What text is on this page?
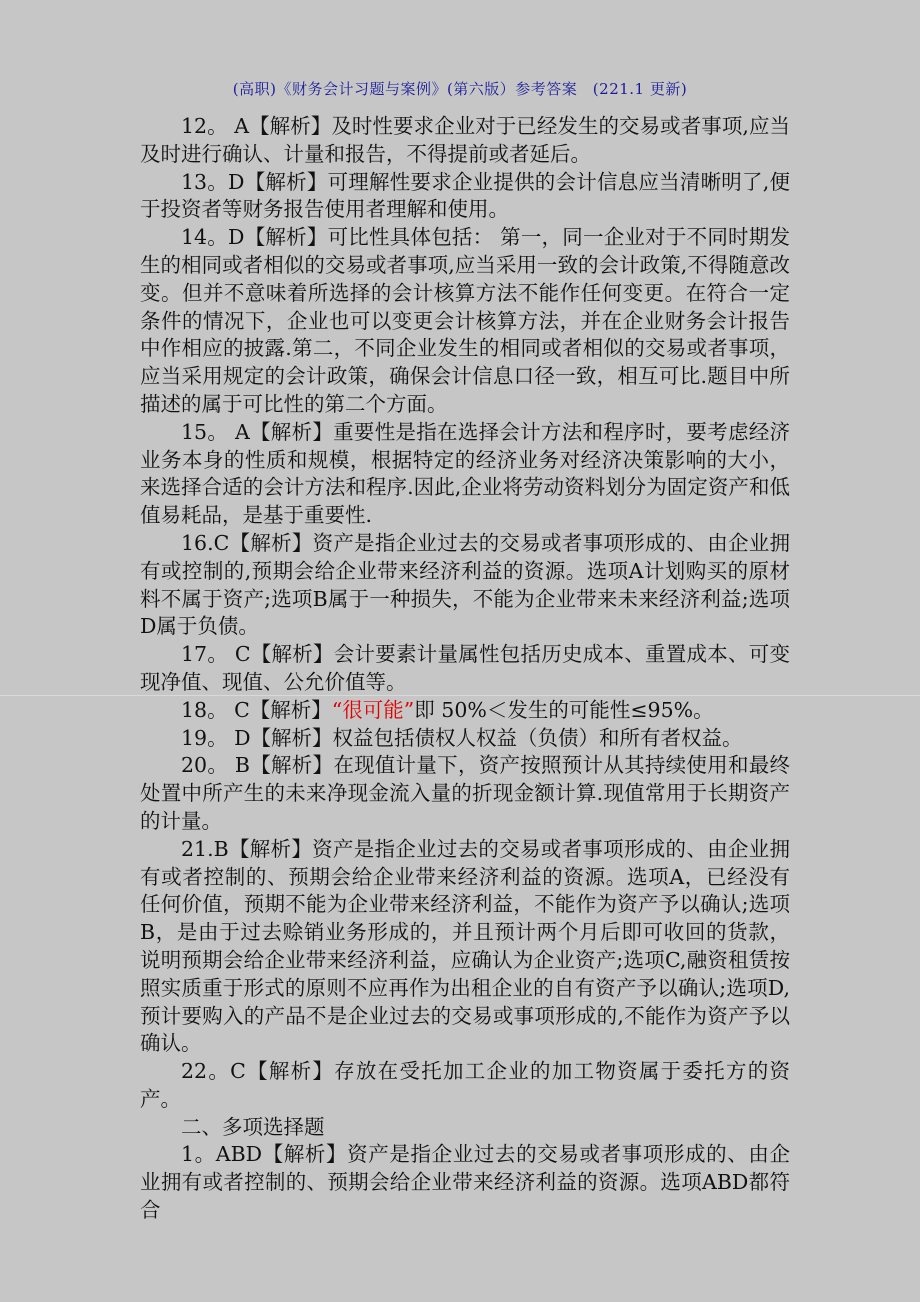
(高职)《财务会计习题与案例》(第六版）参考答案　(221.1 更新)

12。 A【解析】及时性要求企业对于已经发生的交易或者事项,应当及时进行确认、计量和报告，不得提前或者延后。

13。D【解析】可理解性要求企业提供的会计信息应当清晰明了,便于投资者等财务报告使用者理解和使用。

14。D【解析】可比性具体包括： 第一，同一企业对于不同时期发生的相同或者相似的交易或者事项,应当采用一致的会计政策,不得随意改变。但并不意味着所选择的会计核算方法不能作任何变更。在符合一定条件的情况下，企业也可以变更会计核算方法，并在企业财务会计报告中作相应的披露.第二，不同企业发生的相同或者相似的交易或者事项，应当采用规定的会计政策，确保会计信息口径一致，相互可比.题目中所描述的属于可比性的第二个方面。

15。 A【解析】重要性是指在选择会计方法和程序时，要考虑经济业务本身的性质和规模，根据特定的经济业务对经济决策影响的大小，来选择合适的会计方法和程序.因此,企业将劳动资料划分为固定资产和低值易耗品，是基于重要性.

16.C【解析】资产是指企业过去的交易或者事项形成的、由企业拥有或控制的,预期会给企业带来经济利益的资源。选项A计划购买的原材料不属于资产;选项B属于一种损失，不能为企业带来未来经济利益;选项D属于负债。

17。 C【解析】会计要素计量属性包括历史成本、重置成本、可变现净值、现值、公允价值等。

18。 C【解析】“很可能”即 50%＜发生的可能性≤95%。

19。 D【解析】权益包括债权人权益（负债）和所有者权益。

20。 B【解析】在现值计量下，资产按照预计从其持续使用和最终处置中所产生的未来净现金流入量的折现金额计算.现值常用于长期资产的计量。

21.B【解析】资产是指企业过去的交易或者事项形成的、由企业拥有或者控制的、预期会给企业带来经济利益的资源。选项A，已经没有任何价值，预期不能为企业带来经济利益，不能作为资产予以确认;选项B，是由于过去赊销业务形成的，并且预计两个月后即可收回的货款，说明预期会给企业带来经济利益，应确认为企业资产;选项C,融资租赁按照实质重于形式的原则不应再作为出租企业的自有资产予以确认;选项D,预计要购入的产品不是企业过去的交易或事项形成的,不能作为资产予以确认。

22。C【解析】存放在受托加工企业的加工物资属于委托方的资产。

二、多项选择题

1。ABD【解析】资产是指企业过去的交易或者事项形成的、由企业拥有或者控制的、预期会给企业带来经济利益的资源。选项ABD都符合
